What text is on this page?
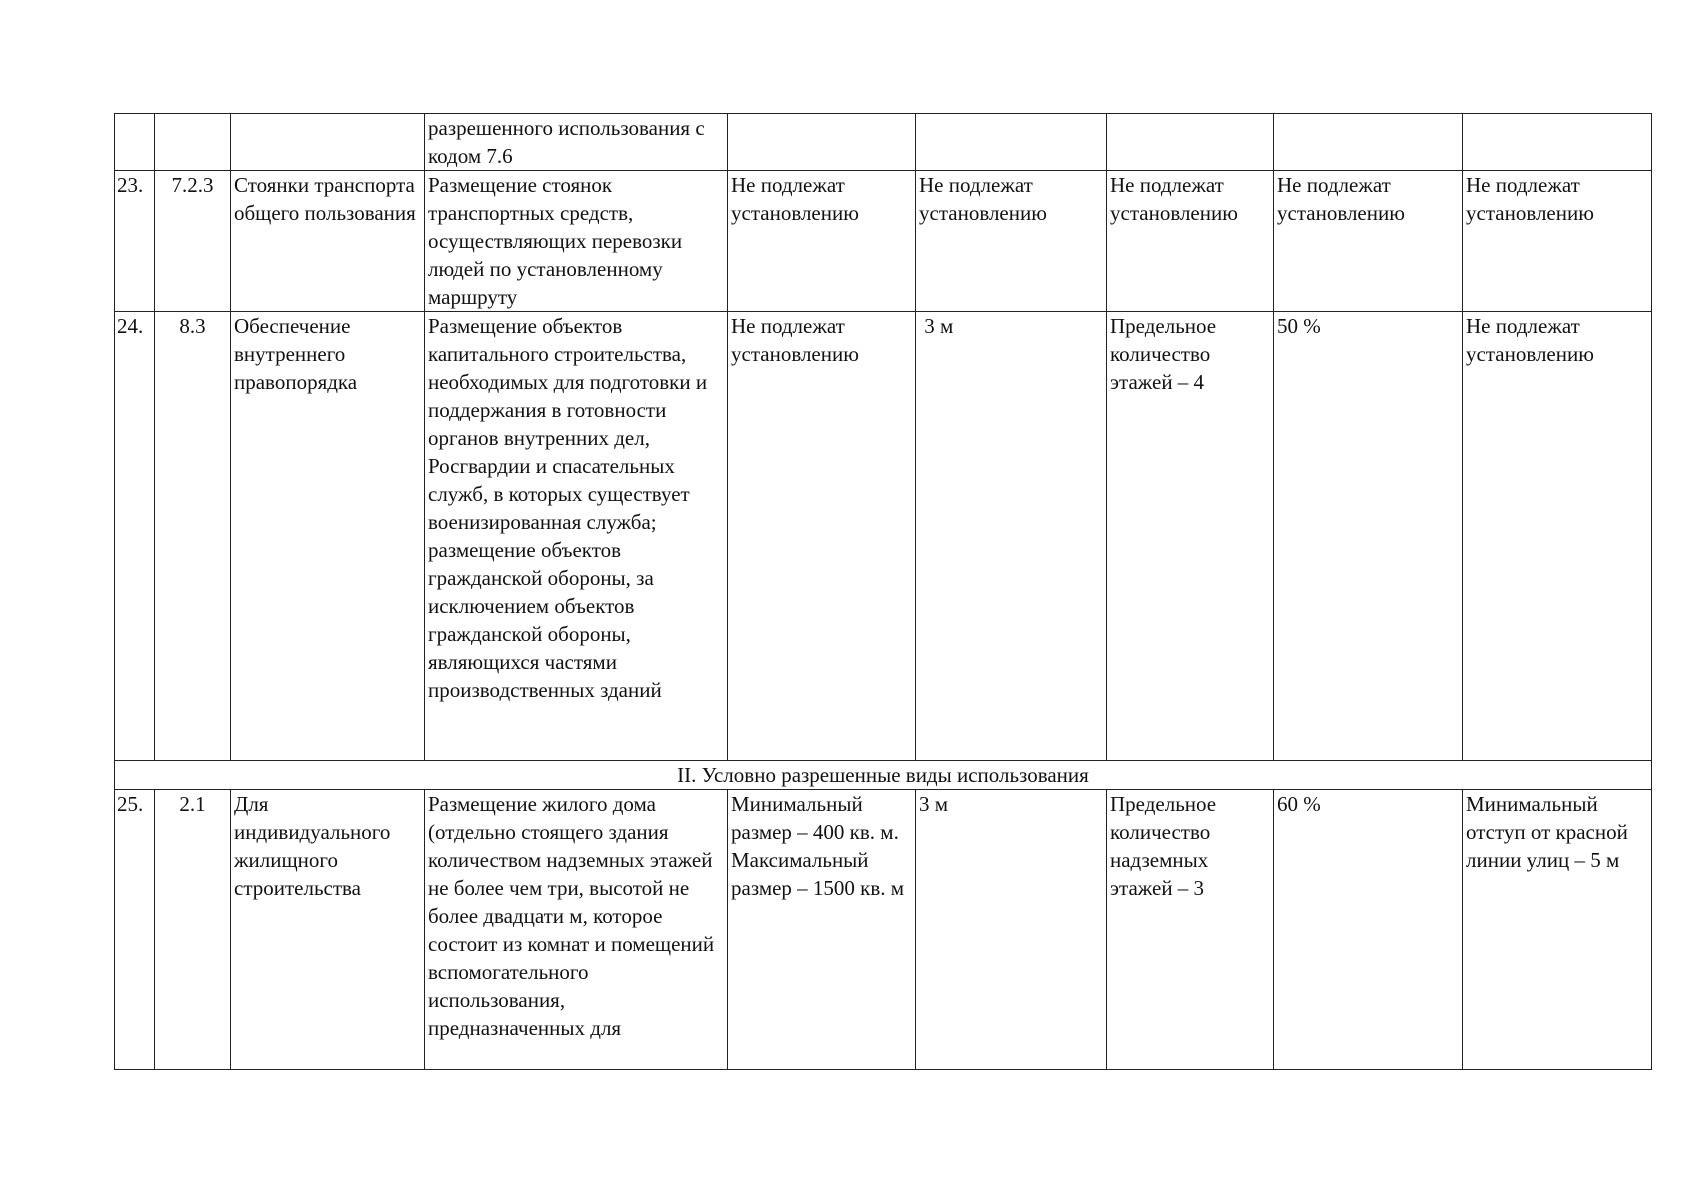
			разрешенного использования с кодом 7.6					
23.	7.2.3	Стоянки транспорта общего пользования	Размещение стоянок транспортных средств, осуществляющих перевозки людей по установленному маршруту	Не подлежат установлению	Не подлежат установлению	Не подлежат установлению	Не подлежат установлению	Не подлежат установлению
24.	8.3	Обеспечение внутреннего правопорядка	Размещение объектов капитального строительства, необходимых для подготовки и поддержания в готовности органов внутренних дел, Росгвардии и спасательных служб, в которых существует военизированная служба; размещение объектов гражданской обороны, за исключением объектов гражданской обороны, являющихся частями производственных зданий	Не подлежат установлению	3 м	Предельное количество этажей – 4	50 %	Не подлежат установлению
II. Условно разрешенные виды использования								
25.	2.1	Для индивидуального жилищного строительства	Размещение жилого дома (отдельно стоящего здания количеством надземных этажей не более чем три, высотой не более двадцати м, которое состоит из комнат и помещений вспомогательного использования, предназначенных для	Минимальный размер – 400 кв. м. Максимальный размер – 1500 кв. м	3 м	Предельное количество надземных этажей – 3	60 %	Минимальный отступ от красной линии улиц – 5 м
